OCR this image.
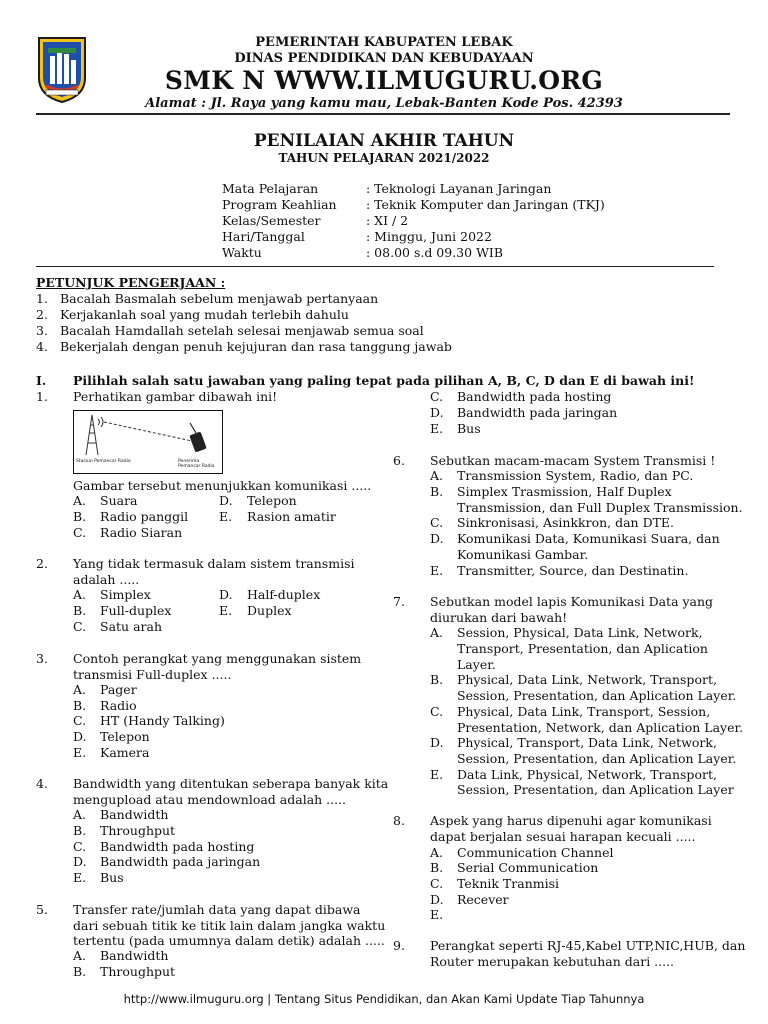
PEMERINTAH KABUPATEN LEBAK
DINAS PENDIDIKAN DAN KEBUDAYAAN
SMK N WWW.ILMUGURU.ORG
Alamat : Jl. Raya yang kamu mau, Lebak-Banten Kode Pos. 42393
PENILAIAN AKHIR TAHUN
TAHUN PELAJARAN 2021/2022
Mata Pelajaran	: Teknologi Layanan Jaringan
Program Keahlian : Teknik Komputer dan Jaringan (TKJ)
Kelas/Semester	: XI / 2
Hari/Tanggal	: Minggu, Juni 2022
Waktu	: 08.00 s.d 09.30 WIB
PETUNJUK PENGERJAAN :
1. Bacalah Basmalah sebelum menjawab pertanyaan
2. Kerjakanlah soal yang mudah terlebih dahulu
3. Bacalah Hamdallah setelah selesai menjawab semua soal
4. Bekerjalah dengan penuh kejujuran dan rasa tanggung jawab
I. Pilihlah salah satu jawaban yang paling tepat pada pilihan A, B, C, D dan E di bawah ini!
1. Perhatikan gambar dibawah ini!
Stasiun Pemancar Radio	Penerima Pemancar Radio
Gambar tersebut menunjukkan komunikasi .....
A. Suara	D. Telepon
B. Radio panggil E. Rasion amatir
C. Radio Siaran
2. Yang tidak termasuk dalam sistem transmisi
adalah .....
A. Simplex	D. Half-duplex
B. Full-duplex	E. Duplex
C. Satu arah
3. Contoh perangkat yang menggunakan sistem
transmisi Full-duplex .....
A. Pager
B. Radio
C. HT (Handy Talking)
D. Telepon
E. Kamera
4. Bandwidth yang ditentukan seberapa banyak kita
mengupload atau mendownload adalah .....
A. Bandwidth
B. Throughput
C. Bandwidth pada hosting
D. Bandwidth pada jaringan
E. Bus
5. Transfer rate/jumlah data yang dapat dibawa
dari sebuah titik ke titik lain dalam jangka waktu
tertentu (pada umumnya dalam detik) adalah .....
A. Bandwidth
B. Throughput
C. Bandwidth pada hosting
D. Bandwidth pada jaringan
E. Bus
6. Sebutkan macam-macam System Transmisi !
A. Transmission System, Radio, dan PC.
B. Simplex Trasmission, Half Duplex
Transmission, dan Full Duplex Transmission.
C. Sinkronisasi, Asinkkron, dan DTE.
D. Komunikasi Data, Komunikasi Suara, dan
Komunikasi Gambar.
E. Transmitter, Source, dan Destinatin.
7. Sebutkan model lapis Komunikasi Data yang
diurukan dari bawah!
A. Session, Physical, Data Link, Network,
Transport, Presentation, dan Aplication
Layer.
B. Physical, Data Link, Network, Transport,
Session, Presentation, dan Aplication Layer.
C. Physical, Data Link, Transport, Session,
Presentation, Network, dan Aplication Layer.
D. Physical, Transport, Data Link, Network,
Session, Presentation, dan Aplication Layer.
E. Data Link, Physical, Network, Transport,
Session, Presentation, dan Aplication Layer
8. Aspek yang harus dipenuhi agar komunikasi
dapat berjalan sesuai harapan kecuali .....
A. Communication Channel
B. Serial Communication
C. Teknik Tranmisi
D. Recever
E.
9. Perangkat seperti RJ-45,Kabel UTP,NIC,HUB, dan
Router merupakan kebutuhan dari .....
http://www.ilmuguru.org | Tentang Situs Pendidikan, dan Akan Kami Update Tiap Tahunnya
